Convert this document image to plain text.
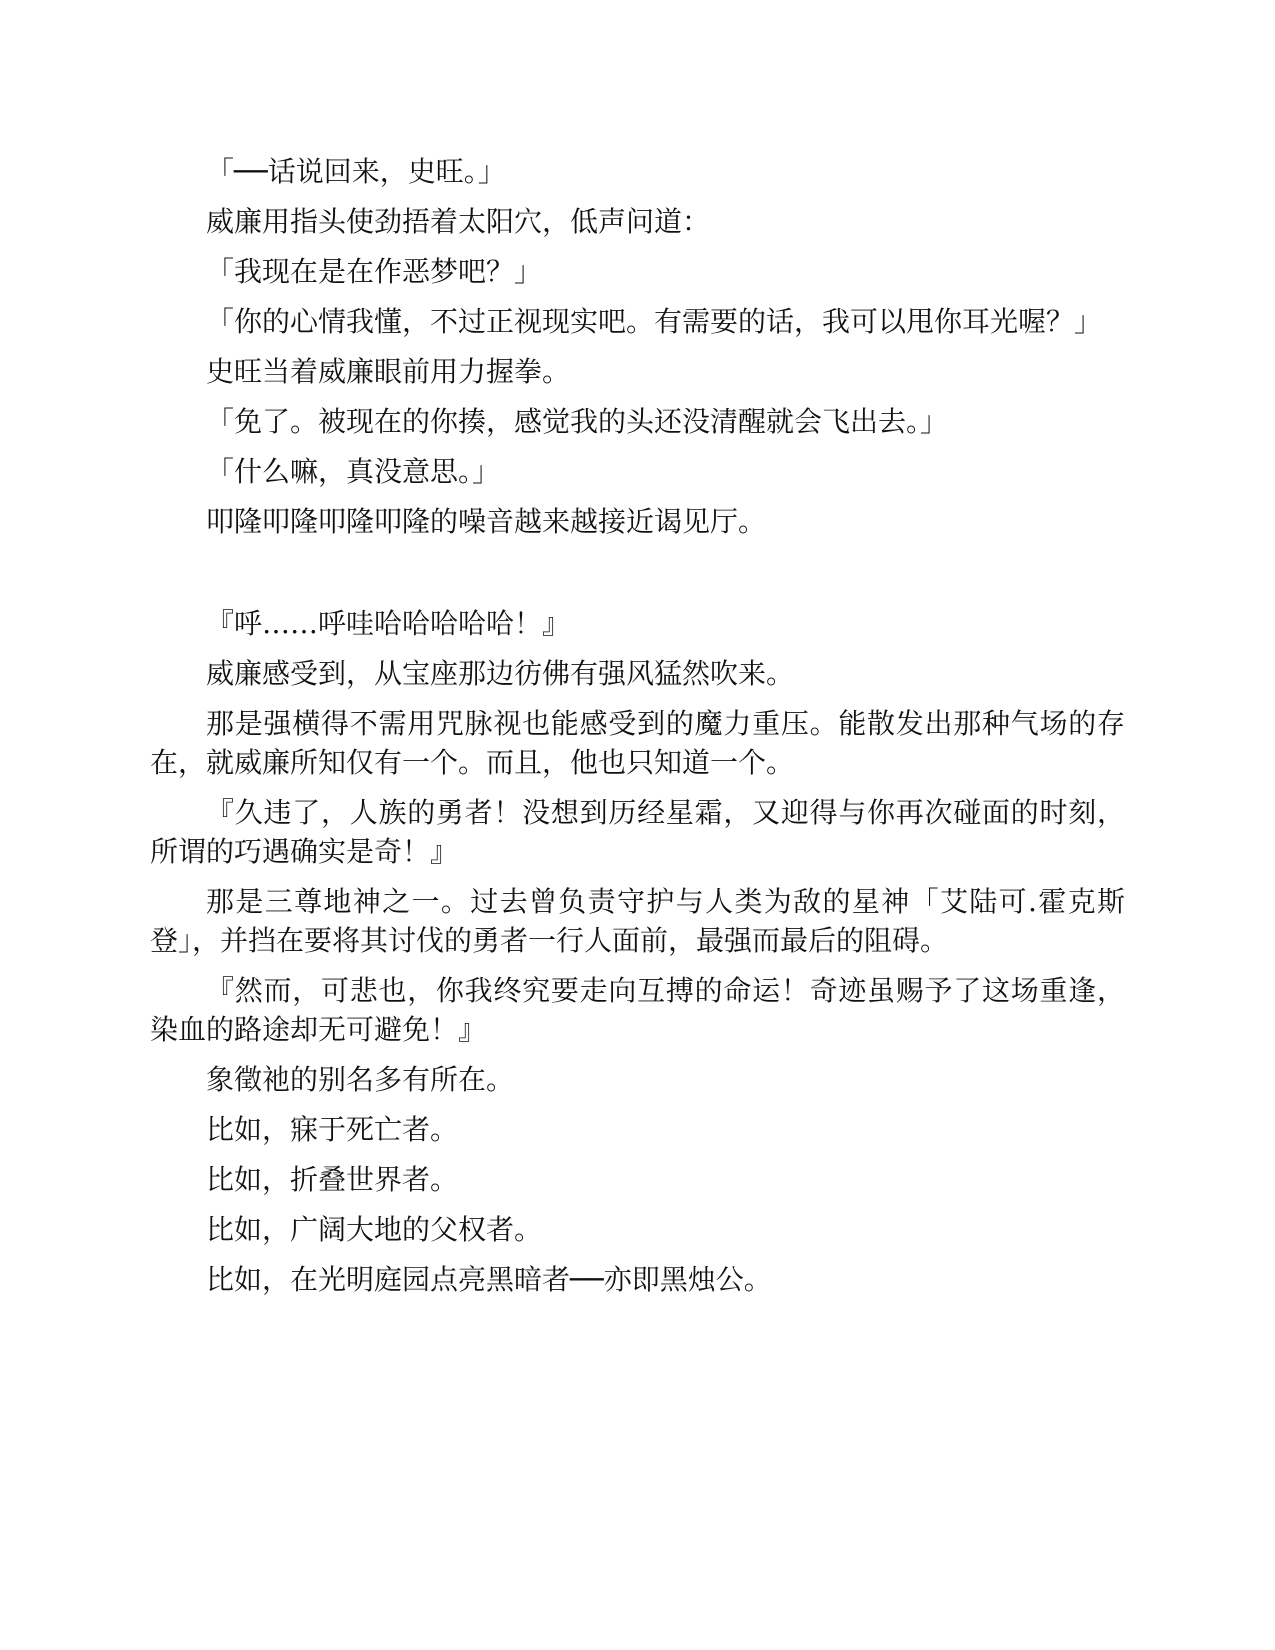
「──话说回来，史旺。」

威廉用指头使劲捂着太阳穴，低声问道：

「我现在是在作恶梦吧？」

「你的心情我懂，不过正视现实吧。有需要的话，我可以甩你耳光喔？」

史旺当着威廉眼前用力握拳。

「免了。被现在的你揍，感觉我的头还没清醒就会飞出去。」

「什么嘛，真没意思。」

叩隆叩隆叩隆叩隆的噪音越来越接近谒见厅。

『呼……呼哇哈哈哈哈哈！』

威廉感受到，从宝座那边彷佛有强风猛然吹来。

那是强横得不需用咒脉视也能感受到的魔力重压。能散发出那种气场的存在，就威廉所知仅有一个。而且，他也只知道一个。

『久违了，人族的勇者！没想到历经星霜，又迎得与你再次碰面的时刻，所谓的巧遇确实是奇！』

那是三尊地神之一。过去曾负责守护与人类为敌的星神「艾陆可.霍克斯登」，并挡在要将其讨伐的勇者一行人面前，最强而最后的阻碍。

『然而，可悲也，你我终究要走向互搏的命运！奇迹虽赐予了这场重逢，染血的路途却无可避免！』

象徵祂的别名多有所在。

比如，寐于死亡者。

比如，折叠世界者。

比如，广阔大地的父权者。

比如，在光明庭园点亮黑暗者──亦即黑烛公。
